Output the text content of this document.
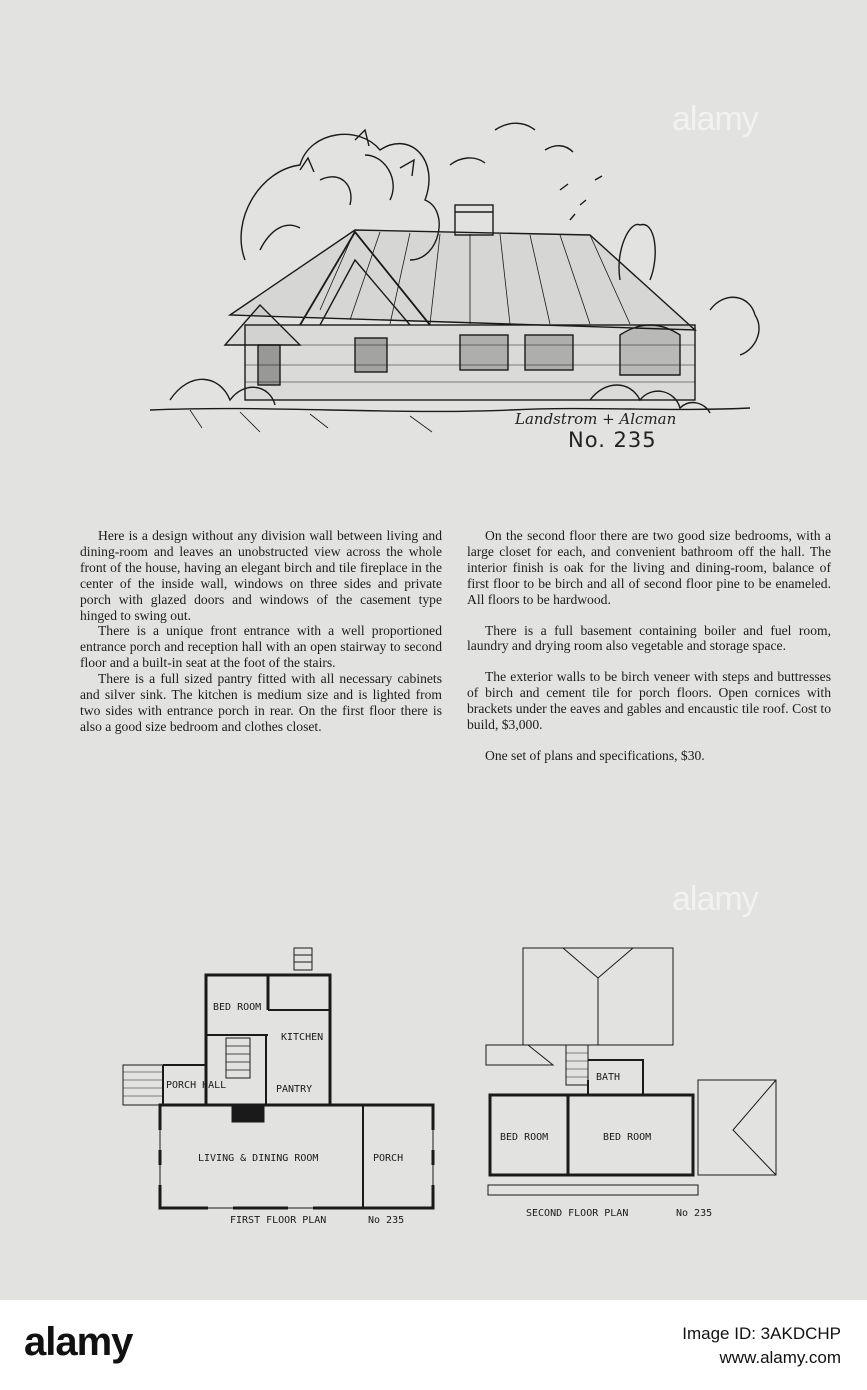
Landstrom + Alcman
No. 235

Here is a design without any division wall between living and dining-room and leaves an unobstructed view across the whole front of the house, having an elegant birch and tile fireplace in the center of the inside wall, windows on three sides and private porch with glazed doors and windows of the casement type hinged to swing out.

There is a unique front entrance with a well proportioned entrance porch and reception hall with an open stairway to second floor and a built-in seat at the foot of the stairs.

There is a full sized pantry fitted with all necessary cabinets and silver sink. The kitchen is medium size and is lighted from two sides with entrance porch in rear. On the first floor there is also a good size bedroom and clothes closet.

On the second floor there are two good size bedrooms, with a large closet for each, and convenient bathroom off the hall. The interior finish is oak for the living and dining-room, balance of first floor to be birch and all of second floor pine to be enameled. All floors to be hardwood.

There is a full basement containing boiler and fuel room, laundry and drying room also vegetable and storage space.

The exterior walls to be birch veneer with steps and buttresses of birch and cement tile for porch floors. Open cornices with brackets under the eaves and gables and encaustic tile roof. Cost to build, $3,000.

One set of plans and specifications, $30.

BED ROOM
KITCHEN
PORCH HALL	PANTRY
LIVING & DINING ROOM	PORCH
FIRST FLOOR PLAN	No 235
BATH
BED ROOM	BED ROOM
SECOND FLOOR PLAN	No 235
alamy
alamy
alamy	Image ID: 3AKDCHP
www.alamy.com
